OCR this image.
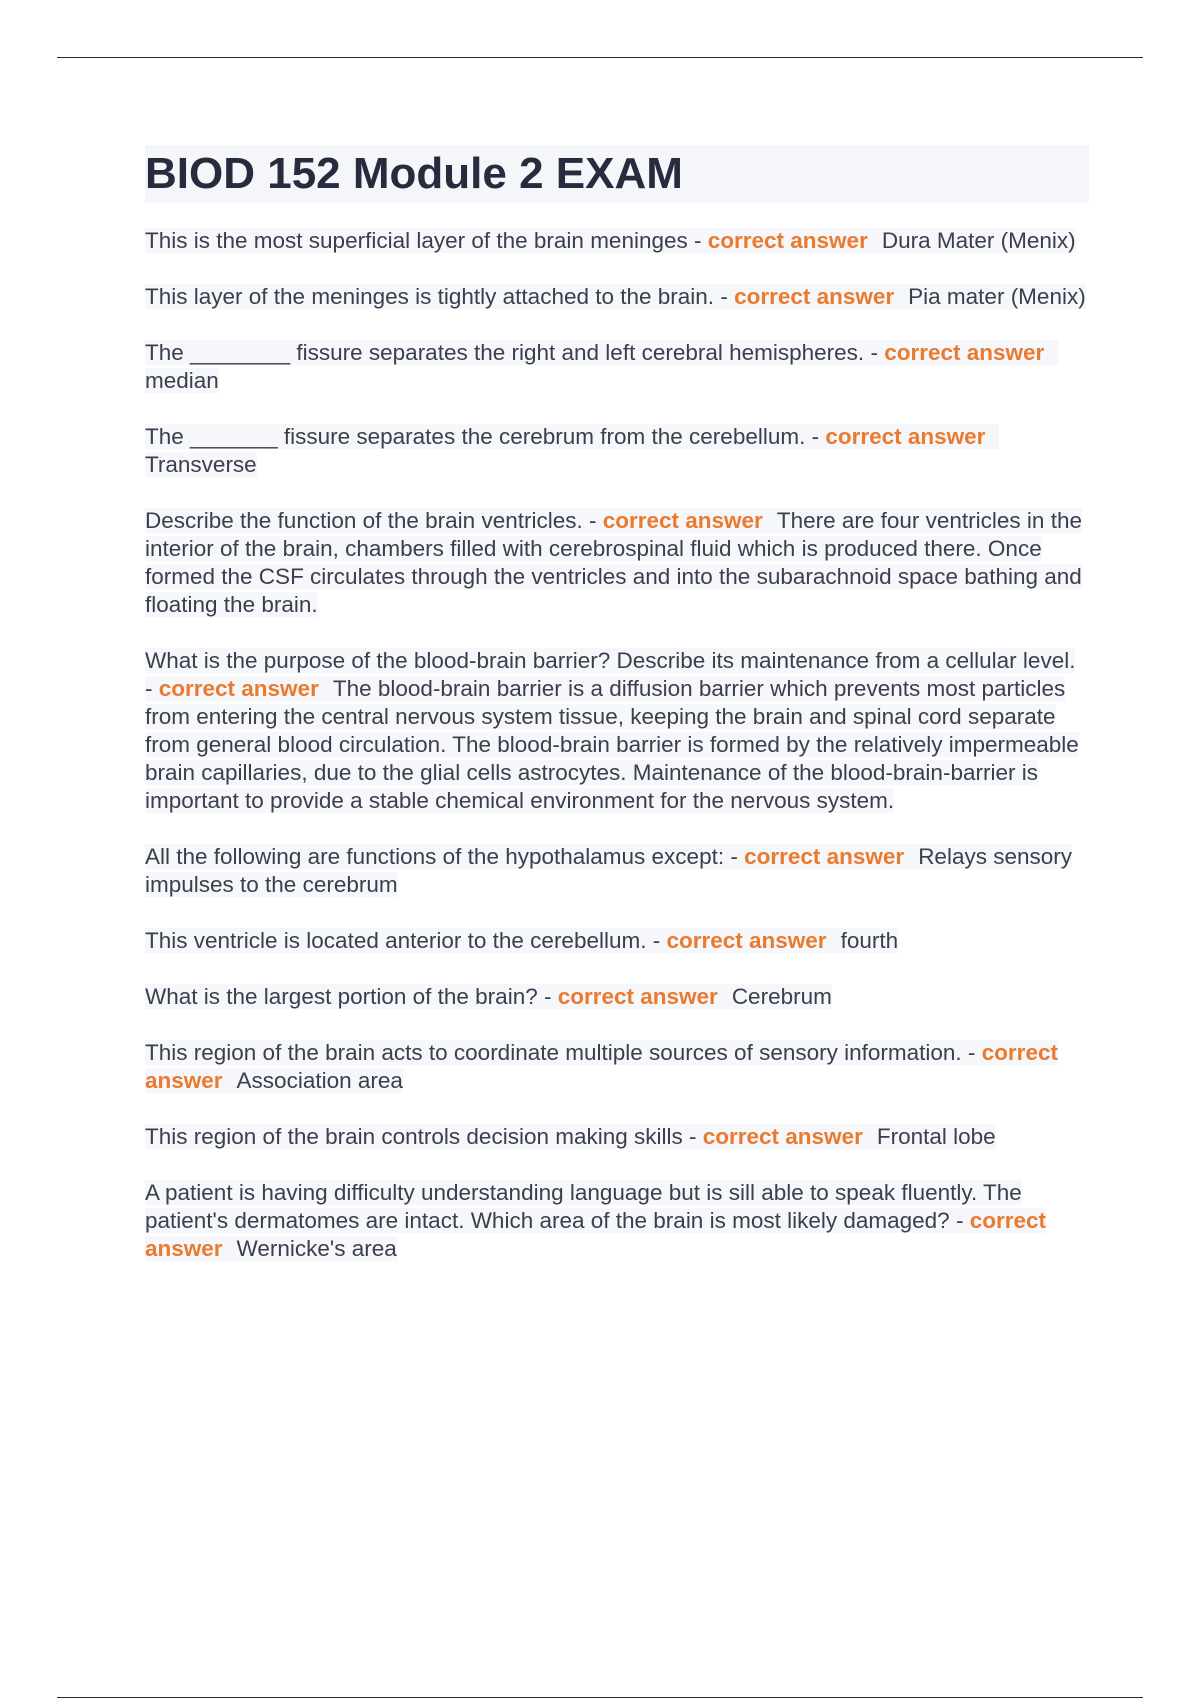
BIOD 152 Module 2 EXAM
This is the most superficial layer of the brain meninges - correct answer Dura Mater (Menix)
This layer of the meninges is tightly attached to the brain. - correct answer Pia mater (Menix)
The ________ fissure separates the right and left cerebral hemispheres. - correct answermedian
The _______ fissure separates the cerebrum from the cerebellum. - correct answerTransverse
Describe the function of the brain ventricles. - correct answer There are four ventricles in the interior of the brain, chambers filled with cerebrospinal fluid which is produced there. Once formed the CSF circulates through the ventricles and into the subarachnoid space bathing and floating the brain.
What is the purpose of the blood-brain barrier? Describe its maintenance from a cellular level. - correct answer The blood-brain barrier is a diffusion barrier which prevents most particles from entering the central nervous system tissue, keeping the brain and spinal cord separate from general blood circulation. The blood-brain barrier is formed by the relatively impermeable brain capillaries, due to the glial cells astrocytes. Maintenance of the blood-brain-barrier is important to provide a stable chemical environment for the nervous system.
All the following are functions of the hypothalamus except: - correct answer Relays sensory impulses to the cerebrum
This ventricle is located anterior to the cerebellum. - correct answer fourth
What is the largest portion of the brain? - correct answer Cerebrum
This region of the brain acts to coordinate multiple sources of sensory information. - correct answer Association area
This region of the brain controls decision making skills - correct answer Frontal lobe
A patient is having difficulty understanding language but is sill able to speak fluently. The patient's dermatomes are intact. Which area of the brain is most likely damaged? - correct answer Wernicke's area
